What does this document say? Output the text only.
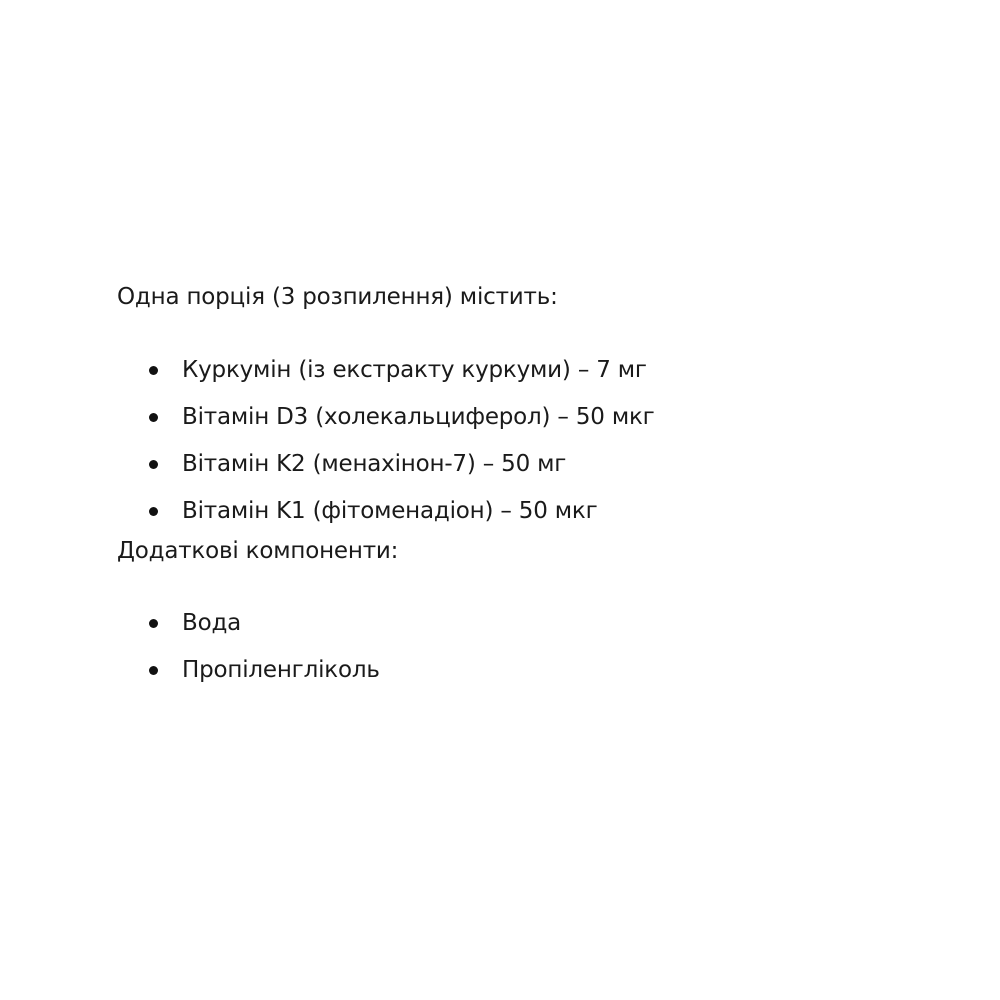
Одна порція (3 розпилення) містить:

Куркумін (із екстракту куркуми) – 7 мг
Вітамін D3 (холекальциферол) – 50 мкг
Вітамін K2 (менахінон-7) – 50 мг
Вітамін K1 (фітоменадіон) – 50 мкг

Додаткові компоненти:

Вода
Пропіленгліколь
